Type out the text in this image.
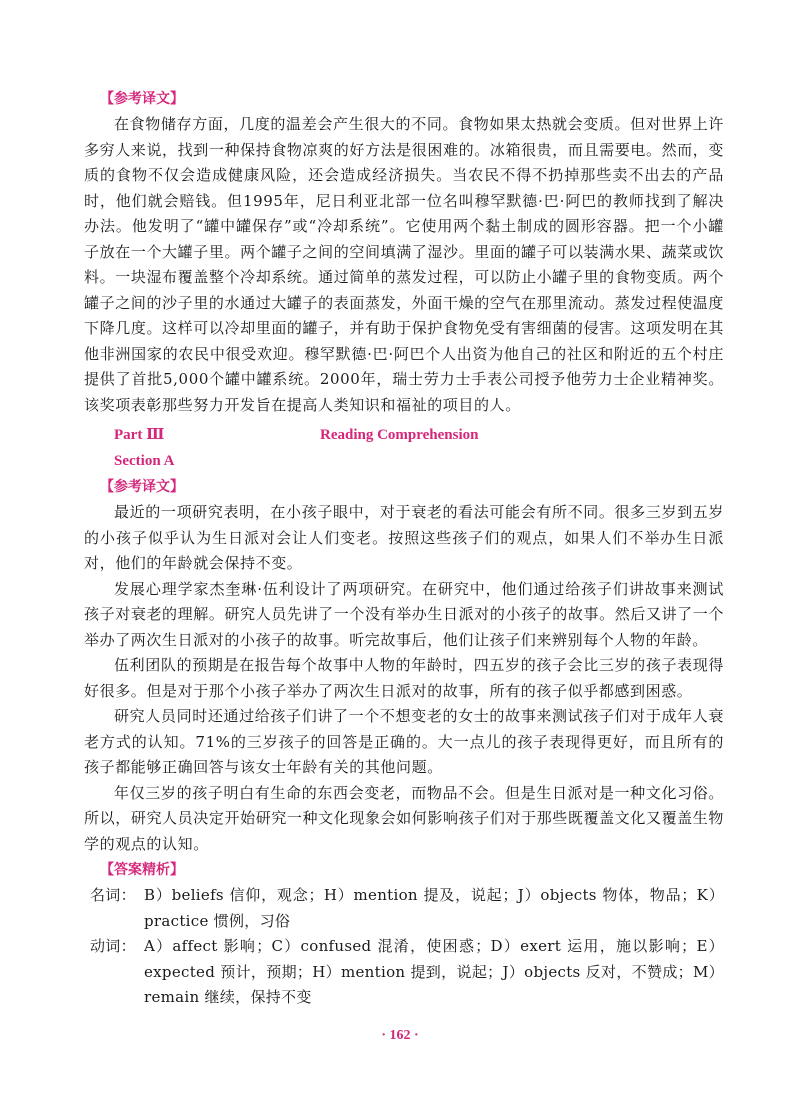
【参考译文】

在食物储存方面，几度的温差会产生很大的不同。食物如果太热就会变质。但对世界上许多穷人来说，找到一种保持食物凉爽的好方法是很困难的。冰箱很贵，而且需要电。然而，变质的食物不仅会造成健康风险，还会造成经济损失。当农民不得不扔掉那些卖不出去的产品时，他们就会赔钱。但1995年，尼日利亚北部一位名叫穆罕默德·巴·阿巴的教师找到了解决办法。他发明了“罐中罐保存”或“冷却系统”。它使用两个黏土制成的圆形容器。把一个小罐子放在一个大罐子里。两个罐子之间的空间填满了湿沙。里面的罐子可以装满水果、蔬菜或饮料。一块湿布覆盖整个冷却系统。通过简单的蒸发过程，可以防止小罐子里的食物变质。两个罐子之间的沙子里的水通过大罐子的表面蒸发，外面干燥的空气在那里流动。蒸发过程使温度下降几度。这样可以冷却里面的罐子，并有助于保护食物免受有害细菌的侵害。这项发明在其他非洲国家的农民中很受欢迎。穆罕默德·巴·阿巴个人出资为他自己的社区和附近的五个村庄提供了首批5,000个罐中罐系统。2000年，瑞士劳力士手表公司授予他劳力士企业精神奖。该奖项表彰那些努力开发旨在提高人类知识和福祉的项目的人。

Part Ⅲ	Reading Comprehension
Section A
【参考译文】

最近的一项研究表明，在小孩子眼中，对于衰老的看法可能会有所不同。很多三岁到五岁的小孩子似乎认为生日派对会让人们变老。按照这些孩子们的观点，如果人们不举办生日派对，他们的年龄就会保持不变。

发展心理学家杰奎琳·伍利设计了两项研究。在研究中，他们通过给孩子们讲故事来测试孩子对衰老的理解。研究人员先讲了一个没有举办生日派对的小孩子的故事。然后又讲了一个举办了两次生日派对的小孩子的故事。听完故事后，他们让孩子们来辨别每个人物的年龄。

伍利团队的预期是在报告每个故事中人物的年龄时，四五岁的孩子会比三岁的孩子表现得好很多。但是对于那个小孩子举办了两次生日派对的故事，所有的孩子似乎都感到困惑。

研究人员同时还通过给孩子们讲了一个不想变老的女士的故事来测试孩子们对于成年人衰老方式的认知。71%的三岁孩子的回答是正确的。大一点儿的孩子表现得更好，而且所有的孩子都能够正确回答与该女士年龄有关的其他问题。

年仅三岁的孩子明白有生命的东西会变老，而物品不会。但是生日派对是一种文化习俗。所以，研究人员决定开始研究一种文化现象会如何影响孩子们对于那些既覆盖文化又覆盖生物学的观点的认知。

【答案精析】
名词： B）beliefs 信仰，观念；H）mention 提及，说起；J）objects 物体，物品；K）practice 惯例，习俗
动词： A）affect 影响；C）confused 混淆，使困惑；D）exert 运用，施以影响；E）expected 预计，预期；H）mention 提到，说起；J）objects 反对，不赞成；M）remain 继续，保持不变
· 162 ·
